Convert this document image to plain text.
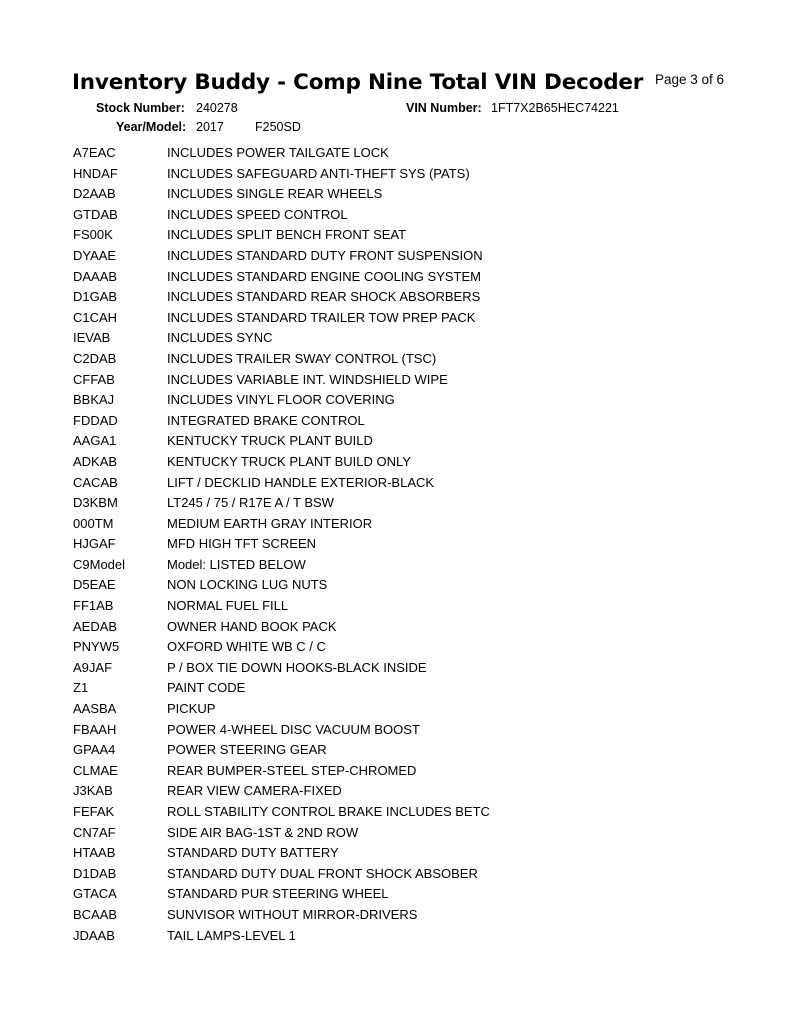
Inventory Buddy - Comp Nine Total VIN Decoder Page 3 of 6
Stock Number: 240278	VIN Number: 1FT7X2B65HEC74221
Year/Model: 2017 F250SD
A7EAC	INCLUDES POWER TAILGATE LOCK
HNDAF	INCLUDES SAFEGUARD ANTI-THEFT SYS (PATS)
D2AAB	INCLUDES SINGLE REAR WHEELS
GTDAB	INCLUDES SPEED CONTROL
FS00K	INCLUDES SPLIT BENCH FRONT SEAT
DYAAE	INCLUDES STANDARD DUTY FRONT SUSPENSION
DAAAB	INCLUDES STANDARD ENGINE COOLING SYSTEM
D1GAB	INCLUDES STANDARD REAR SHOCK ABSORBERS
C1CAH	INCLUDES STANDARD TRAILER TOW PREP PACK
IEVAB	INCLUDES SYNC
C2DAB	INCLUDES TRAILER SWAY CONTROL (TSC)
CFFAB	INCLUDES VARIABLE INT. WINDSHIELD WIPE
BBKAJ	INCLUDES VINYL FLOOR COVERING
FDDAD	INTEGRATED BRAKE CONTROL
AAGA1	KENTUCKY TRUCK PLANT BUILD
ADKAB	KENTUCKY TRUCK PLANT BUILD ONLY
CACAB	LIFT / DECKLID HANDLE EXTERIOR-BLACK
D3KBM	LT245 / 75 / R17E A / T BSW
000TM	MEDIUM EARTH GRAY INTERIOR
HJGAF	MFD HIGH TFT SCREEN
C9Model	Model: LISTED BELOW
D5EAE	NON LOCKING LUG NUTS
FF1AB	NORMAL FUEL FILL
AEDAB	OWNER HAND BOOK PACK
PNYW5	OXFORD WHITE WB C / C
A9JAF	P / BOX TIE DOWN HOOKS-BLACK INSIDE
Z1	PAINT CODE
AASBA	PICKUP
FBAAH	POWER 4-WHEEL DISC VACUUM BOOST
GPAA4	POWER STEERING GEAR
CLMAE	REAR BUMPER-STEEL STEP-CHROMED
J3KAB	REAR VIEW CAMERA-FIXED
FEFAK	ROLL STABILITY CONTROL BRAKE INCLUDES BETC
CN7AF	SIDE AIR BAG-1ST & 2ND ROW
HTAAB	STANDARD DUTY BATTERY
D1DAB	STANDARD DUTY DUAL FRONT SHOCK ABSOBER
GTACA	STANDARD PUR STEERING WHEEL
BCAAB	SUNVISOR WITHOUT MIRROR-DRIVERS
JDAAB	TAIL LAMPS-LEVEL 1
